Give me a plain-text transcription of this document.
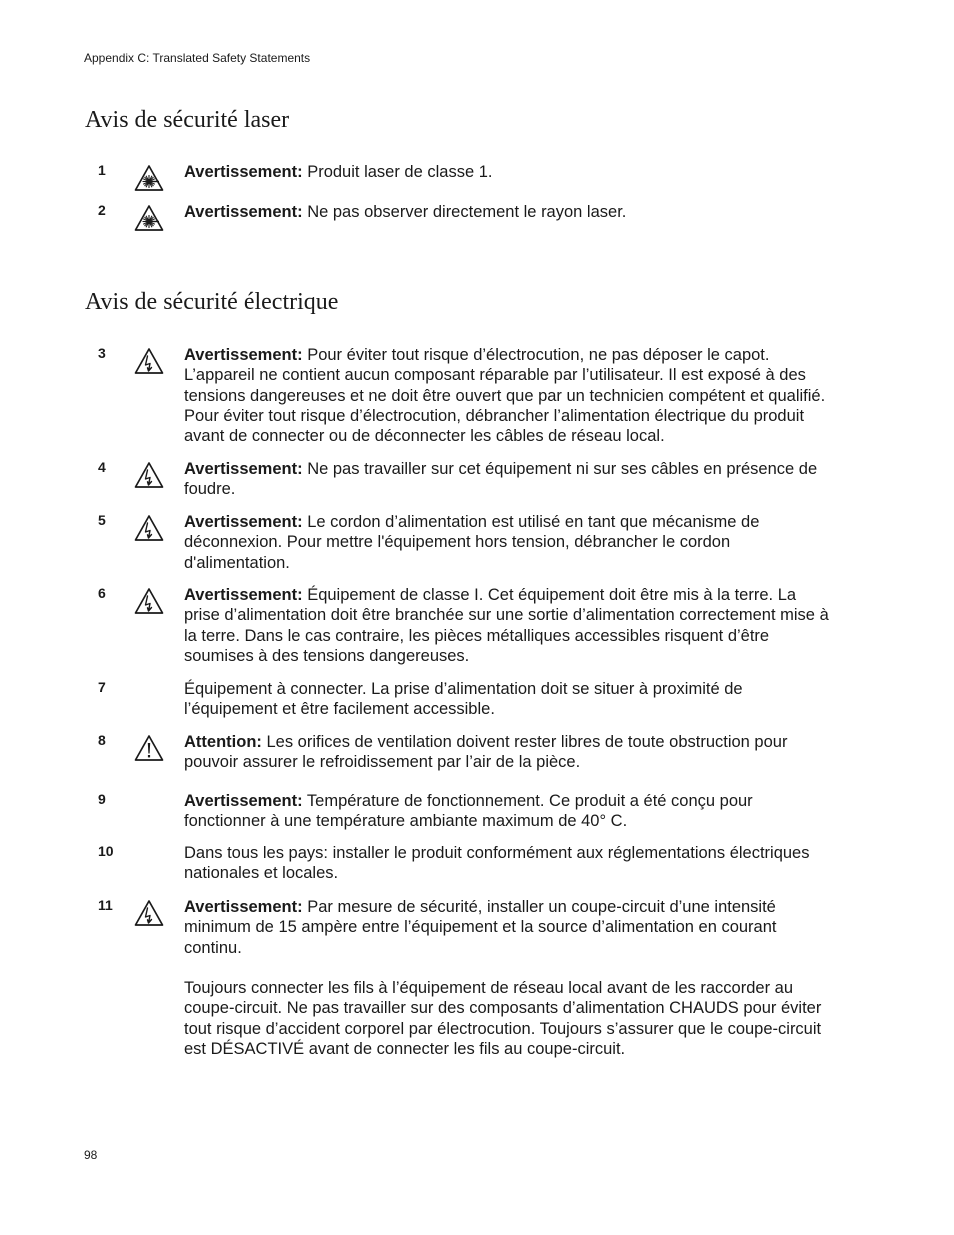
Appendix C: Translated Safety Statements
Avis de sécurité laser
Avis de sécurité électrique
1	Avertissement: Produit laser de classe 1.

2	Avertissement: Ne pas observer directement le rayon laser.

3	Avertissement: Pour éviter tout risque d’électrocution, ne pas déposer le capot. L’appareil ne contient aucun composant réparable par l’utilisateur. Il est exposé à des tensions dangereuses et ne doit être ouvert que par un technicien compétent et qualifié. Pour éviter tout risque d’électrocution, débrancher l’alimentation électrique du produit avant de connecter ou de déconnecter les câbles de réseau local.

4	Avertissement: Ne pas travailler sur cet équipement ni sur ses câbles en présence de foudre.

5	Avertissement: Le cordon d’alimentation est utilisé en tant que mécanisme de déconnexion. Pour mettre l'équipement hors tension, débrancher le cordon d'alimentation.

6	Avertissement: Équipement de classe I. Cet équipement doit être mis à la terre. La prise d’alimentation doit être branchée sur une sortie d’alimentation correctement mise à la terre. Dans le cas contraire, les pièces métalliques accessibles risquent d’être soumises à des tensions dangereuses.

7	Équipement à connecter. La prise d’alimentation doit se situer à proximité de l’équipement et être facilement accessible.

8	Attention: Les orifices de ventilation doivent rester libres de toute obstruction pour pouvoir assurer le refroidissement par l’air de la pièce.

9	Avertissement: Température de fonctionnement. Ce produit a été conçu pour fonctionner à une température ambiante maximum de 40° C.

10	Dans tous les pays: installer le produit conformément aux réglementations électriques nationales et locales.

11	Avertissement: Par mesure de sécurité, installer un coupe-circuit d’une intensité minimum de 15 ampère entre l’équipement et la source d’alimentation en courant continu.

Toujours connecter les fils à l’équipement de réseau local avant de les raccorder au coupe-circuit. Ne pas travailler sur des composants d’alimentation CHAUDS pour éviter tout risque d’accident corporel par électrocution. Toujours s’assurer que le coupe-circuit est DÉSACTIVÉ avant de connecter les fils au coupe-circuit.

98
